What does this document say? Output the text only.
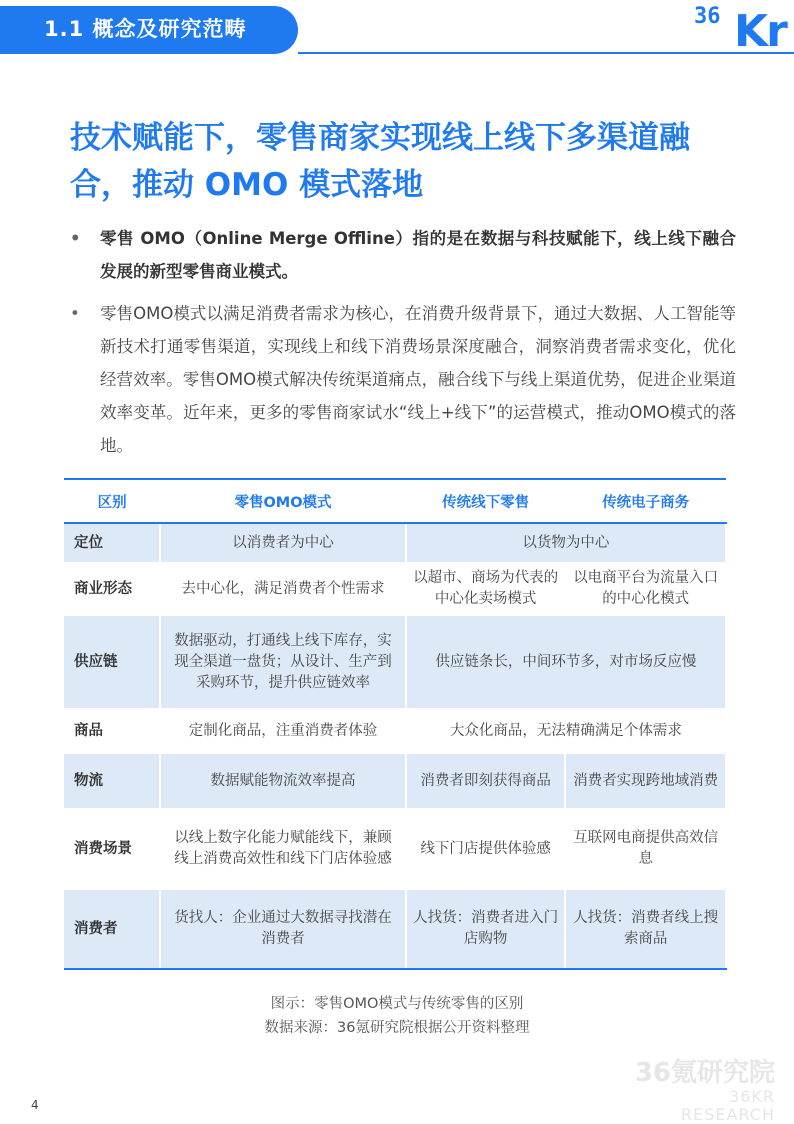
1.1 概念及研究范畴	36 Kr
技术赋能下，零售商家实现线上线下多渠道融合，推动 OMO 模式落地
• 零售 OMO（Online Merge Offline）指的是在数据与科技赋能下，线上线下融合发展的新型零售商业模式。
• 零售OMO模式以满足消费者需求为核心，在消费升级背景下，通过大数据、人工智能等新技术打通零售渠道，实现线上和线下消费场景深度融合，洞察消费者需求变化，优化经营效率。零售OMO模式解决传统渠道痛点，融合线下与线上渠道优势，促进企业渠道效率变革。近年来，更多的零售商家试水“线上+线下”的运营模式，推动OMO模式的落地。
区别	零售OMO模式	传统线下零售	传统电子商务
定位	以消费者为中心	以货物为中心	
商业形态	去中心化，满足消费者个性需求	以超市、商场为代表的中心化卖场模式	以电商平台为流量入口的中心化模式
供应链	数据驱动，打通线上线下库存，实现全渠道一盘货；从设计、生产到采购环节，提升供应链效率	供应链条长，中间环节多，对市场反应慢	
商品	定制化商品，注重消费者体验	大众化商品，无法精确满足个体需求	
物流	数据赋能物流效率提高	消费者即刻获得商品	消费者实现跨地域消费
消费场景	以线上数字化能力赋能线下，兼顾线上消费高效性和线下门店体验感	线下门店提供体验感	互联网电商提供高效信息
消费者	货找人：企业通过大数据寻找潜在消费者	人找货：消费者进入门店购物	人找货：消费者线上搜索商品
图示：零售OMO模式与传统零售的区别
数据来源：36氪研究院根据公开资料整理
36氪研究院
36KR RESEARCH
4
